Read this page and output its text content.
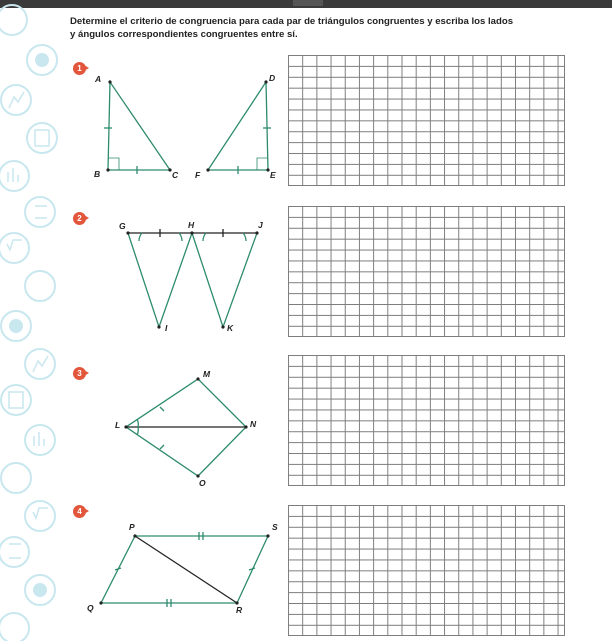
Determine el criterio de congruencia para cada par de triángulos congruentes y escriba los lados
y ángulos correspondientes congruentes entre sí.
1
A
B	C
D
F	E
2
G	H	J
I	K
3	M
L	N
O
4
P	S
Q	R
